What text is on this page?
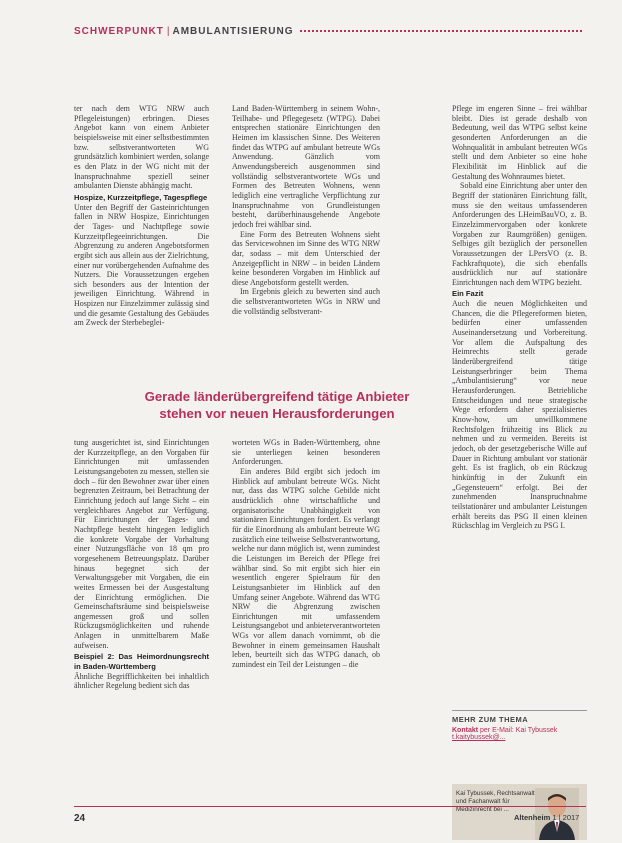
SCHWERPUNKT | AMBULANTISIERUNG

ter nach dem WTG NRW auch Pflegeleistungen) erbringen. Dieses Angebot kann von einem Anbieter beispielsweise mit einer selbstbestimmten bzw. selbstverantworteten WG grundsätzlich kombiniert werden, solange es den Platz in der WG nicht mit der Inanspruchnahme speziell seiner ambulanten Dienste abhängig macht.

Hospize, Kurzzeitpflege, Tagespflege

Unter den Begriff der Gasteinrichtungen fallen in NRW Hospize, Einrichtungen der Tages- und Nachtpflege sowie Kurzzeitpflegeeinrichtungen. Die Abgrenzung zu anderen Angebotsformen ergibt sich aus allein aus der Zielrichtung, einer nur vorübergehenden Aufnahme des Nutzers. Die Voraussetzungen ergeben sich besonders aus der Intention der jeweiligen Einrichtung. Während in Hospizen nur Einzelzimmer zulässig sind und die gesamte Gestaltung des Gebäudes am Zweck der Sterbebeglei-

Land Baden-Württemberg in seinem Wohn-, Teilhabe- und Pflegegesetz (WTPG). Dabei entsprechen stationäre Einrichtungen den Heimen im klassischen Sinne. Des Weiteren findet das WTPG auf ambulant betreute WGs Anwendung. Gänzlich vom Anwendungsbereich ausgenommen sind vollständig selbstverantwortete WGs und Formen des Betreuten Wohnens, wenn lediglich eine vertragliche Verpflichtung zur Inanspruchnahme von Grundleistungen besteht, darüberhinausgehende Angebote jedoch frei wählbar sind.

Eine Form des Betreuten Wohnens sieht das Servicewohnen im Sinne des WTG NRW dar, sodass – mit dem Unterschied der Anzeigepflicht in NRW – in beiden Ländern keine besonderen Vorgaben im Hinblick auf diese Angebotsform gestellt werden.

Im Ergebnis gleich zu bewerten sind auch die selbstverantworteten WGs in NRW und die vollständig selbstverant-

Pflege im engeren Sinne – frei wählbar bleibt. Dies ist gerade deshalb von Bedeutung, weil das WTPG selbst keine gesonderten Anforderungen an die Wohnqualität in ambulant betreuten WGs stellt und dem Anbieter so eine hohe Flexibilität im Hinblick auf die Gestaltung des Wohnraumes bietet.

Sobald eine Einrichtung aber unter den Begriff der stationären Einrichtung fällt, muss sie den weitaus umfassenderen Anforderungen des LHeimBauVO, z. B. Einzelzimmervorgaben oder konkrete Vorgaben zur Raumgrößen) genügen. Selbiges gilt bezüglich der personellen Voraussetzungen der LPersVO (z. B. Fachkraftquote), die sich ebenfalls ausdrücklich nur auf stationäre Einrichtungen nach dem WTPG bezieht.

Ein Fazit

Auch die neuen Möglichkeiten und Chancen, die die Pflegereformen bieten, bedürfen einer umfassenden Auseinandersetzung und Vorbereitung. Vor allem die Aufspaltung des Heimrechts stellt gerade länderübergreifend tätige Leistungserbringer beim Thema „Ambulantisierung“ vor neue Herausforderungen. Betriebliche Entscheidungen und neue strategische Wege erfordern daher spezialisiertes Know-how, um unwillkommene Rechtsfolgen frühzeitig ins Blick zu nehmen und zu vermeiden. Bereits ist jedoch, ob der gesetzgeberische Wille auf Dauer in Richtung ambulant vor stationär geht. Es ist fraglich, ob ein Rückzug hinkünftig in der Zukunft ein „Gegensteuern“ erfolgt. Bei der zunehmenden Inanspruchnahme teilstationärer und ambulanter Leistungen erhält bereits das PSG II einen kleinen Rückschlag im Vergleich zu PSG I.

Gerade länderübergreifend tätige Anbieter
stehen vor neuen Herausforderungen

tung ausgerichtet ist, sind Einrichtungen der Kurzzeitpflege, an den Vorgaben für Einrichtungen mit umfassenden Leistungsangeboten zu messen, stellen sie doch – für den Bewohner zwar über einen begrenzten Zeitraum, bei Betrachtung der Einrichtung jedoch auf lange Sicht – ein vergleichbares Angebot zur Verfügung. Für Einrichtungen der Tages- und Nachtpflege besteht hingegen lediglich die konkrete Vorgabe der Vorhaltung einer Nutzungsfläche von 18 qm pro vorgesehenem Betreuungsplatz. Darüber hinaus begegnet sich der Verwaltungsgeber mit Vorgaben, die ein weites Ermessen bei der Ausgestaltung der Einrichtung ermöglichen. Die Gemeinschaftsräume sind beispielsweise angemessen groß und sollen Rückzugsmöglichkeiten und ruhende Anlagen in unmittelbarem Maße aufweisen.

Beispiel 2: Das Heimordnungsrecht in Baden-Württemberg

Ähnliche Begrifflichkeiten bei inhaltlich ähnlicher Regelung bedient sich das

worteten WGs in Baden-Württemberg, ohne sie unterliegen keinen besonderen Anforderungen.

Ein anderes Bild ergibt sich jedoch im Hinblick auf ambulant betreute WGs. Nicht nur, dass das WTPG solche Gebilde nicht ausdrücklich ohne wirtschaftliche und organisatorische Unabhängigkeit von stationären Einrichtungen fordert. Es verlangt für die Einordnung als ambulant betreute WG zusätzlich eine teilweise Selbstverantwortung, welche nur dann möglich ist, wenn zumindest die Leistungen im Bereich der Pflege frei wählbar sind. So mit ergibt sich hier ein wesentlich engerer Spielraum für den Leistungsanbieter im Hinblick auf den Umfang seiner Angebote. Während das WTG NRW die Abgrenzung zwischen Einrichtungen mit umfassendem Leistungsangebot und anbieterverantworteten WGs vor allem danach vornimmt, ob die Bewohner in einem gemeinsamen Haushalt leben, beurteilt sich das WTPG danach, ob zumindest ein Teil der Leistungen – die

MEHR ZUM THEMA
Kontakt per E-Mail: Kai Tybussek
t.kaitybussek@...
Kai Tybussek, Rechtsanwalt und Fachanwalt für Medizinrecht bei ...
24	Altenheim 1 | 2017
